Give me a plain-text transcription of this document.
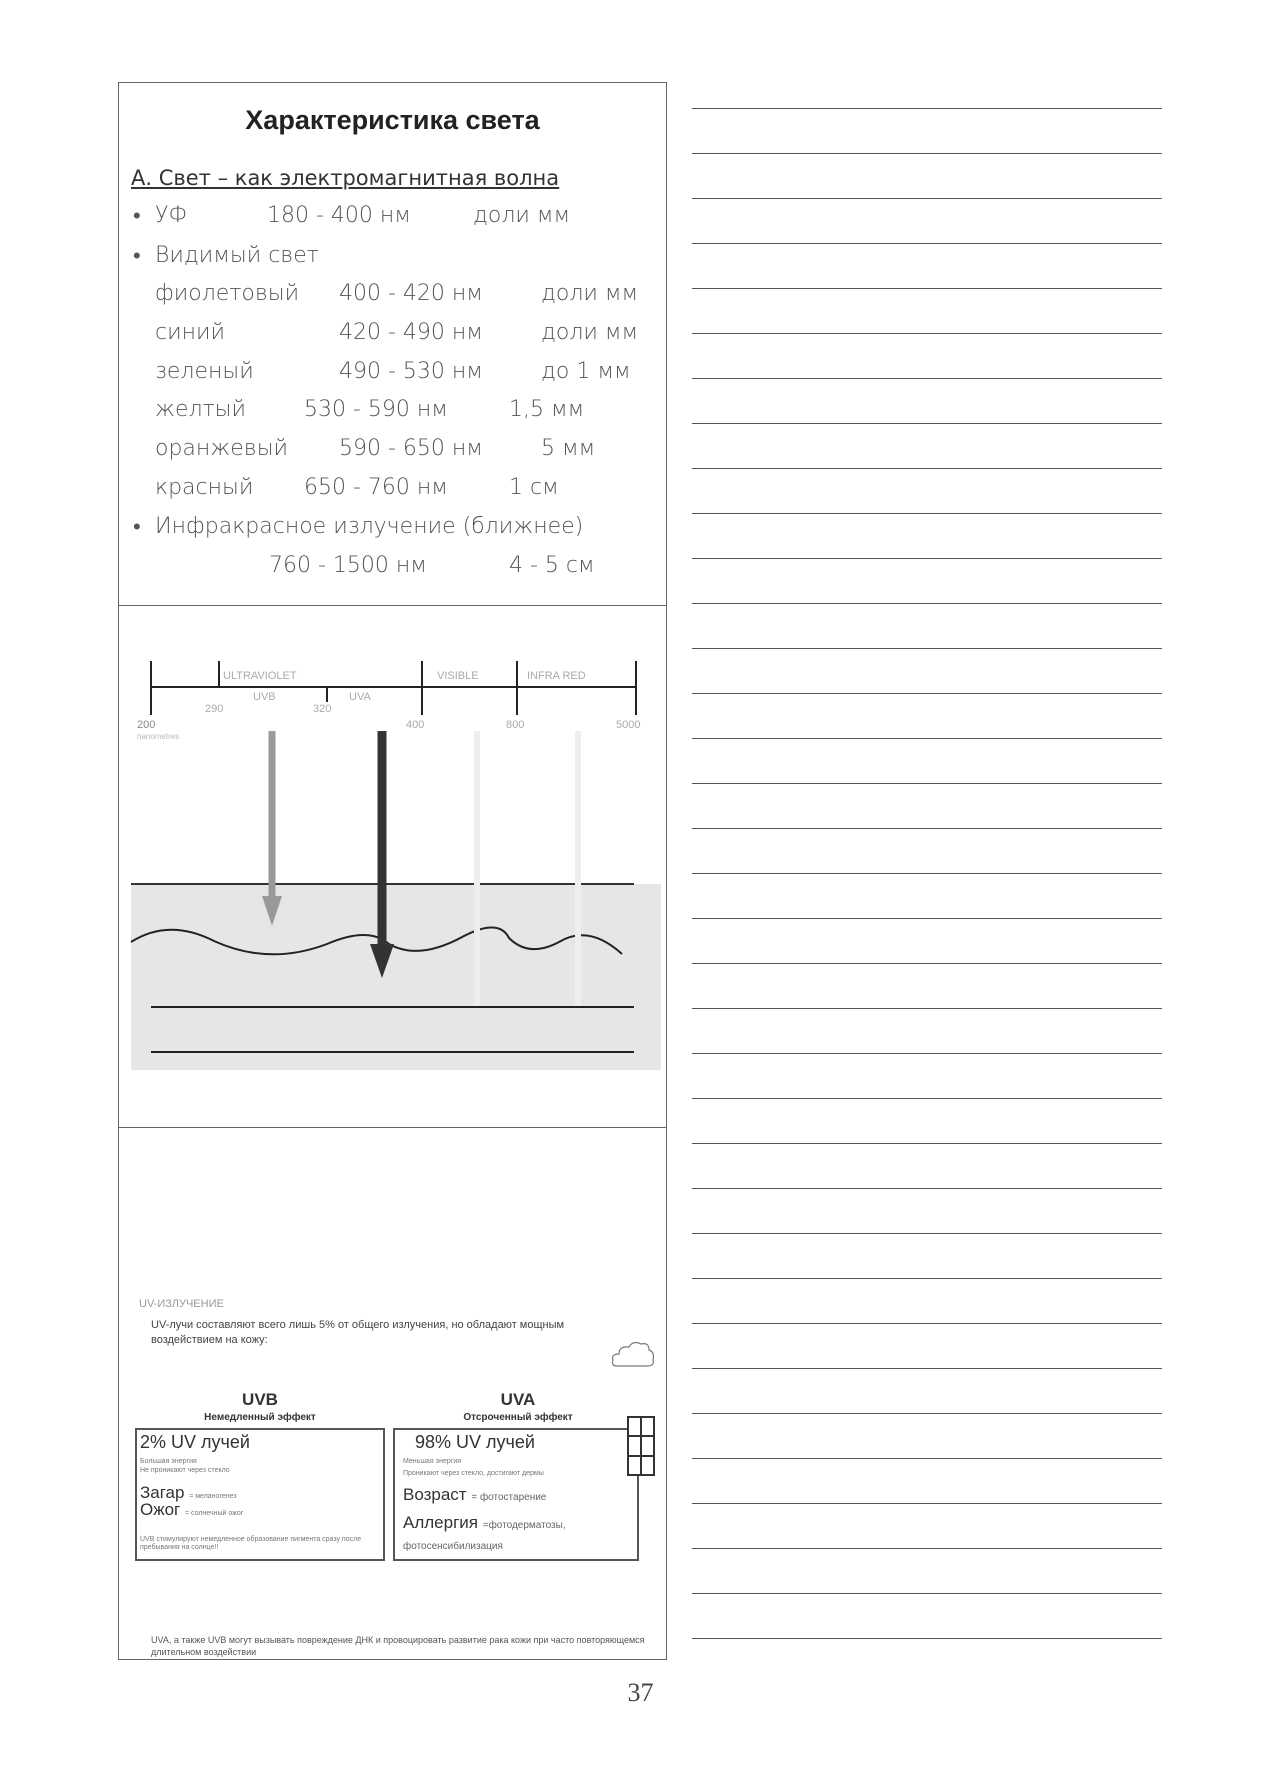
Характеристика света
А. Свет – как электромагнитная волна
• УФ	180 - 400 нм	доли мм
• Видимый свет
фиолетовый 400 - 420 нм	доли мм
синий	420 - 490 нм	доли мм
зеленый	490 - 530 нм	до 1 мм
желтый	530 - 590 нм	1,5 мм
оранжевый 590 - 650 нм	5 мм
красный 650 - 760 нм	1 см
• Инфракрасное излучение (ближнее)
760 - 1500 нм	4 - 5 см
ULTRAVIOLET	VISIBLE	INFRA RED
UVB	UVA
200
290	320
400	800	5000
nanometres
UV-ИЗЛУЧЕНИЕ
UV-лучи составляют всего лишь 5% от общего излучения, но обладают мощным воздействием на кожу:
UVB
Немедленный эффект
2% UV лучей
Большая энергия
Не проникают через стекло
Загар = меланогенез
Ожог = солнечный ожог
UVB стимулируют немедленное образование пигмента сразу после пребывания на солнце!!
UVA
Отсроченный эффект
98% UV лучей
Меньшая энергия
Проникают через стекло, достигают дермы
Возраст = фотостарение
Аллергия =фотодерматозы, фотосенсибилизация
UVA, а также UVB могут вызывать повреждение ДНК и провоцировать развитие рака кожи при часто повторяющемся длительном воздействии
37
